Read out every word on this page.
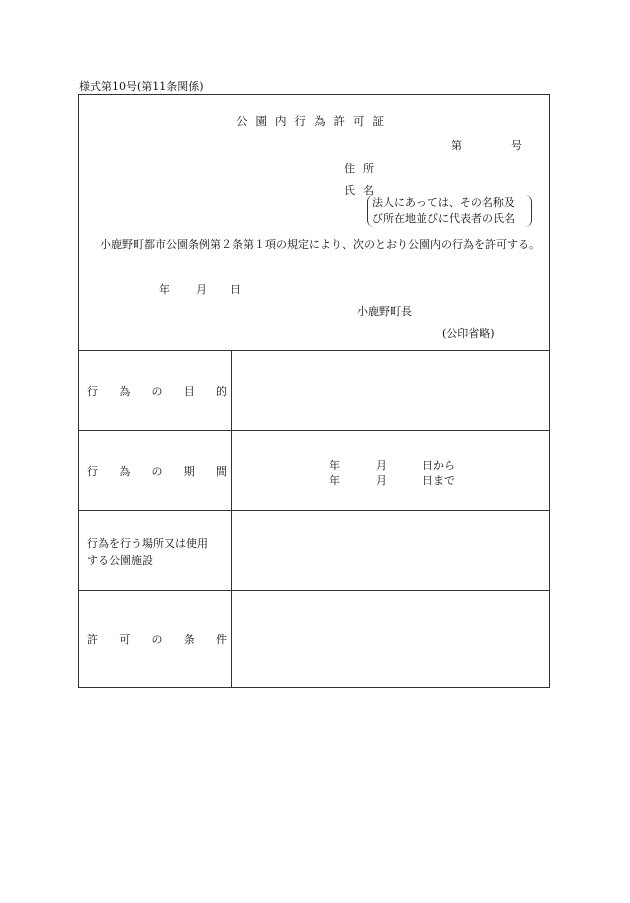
様式第10号(第11条関係)
公園内行為許可証
第	号
住所
氏名
法人にあっては、その名称及
び所在地並びに代表者の氏名
小鹿野町都市公園条例第２条第１項の規定により、次のとおり公園内の行為を許可する。
年 月 日
小鹿野町長
(公印省略)
行 為 の 目 的
行 為 の 期 間	年	月	日から
年	月	日まで
行為を行う場所又は使用
する公園施設
許 可 の 条 件
